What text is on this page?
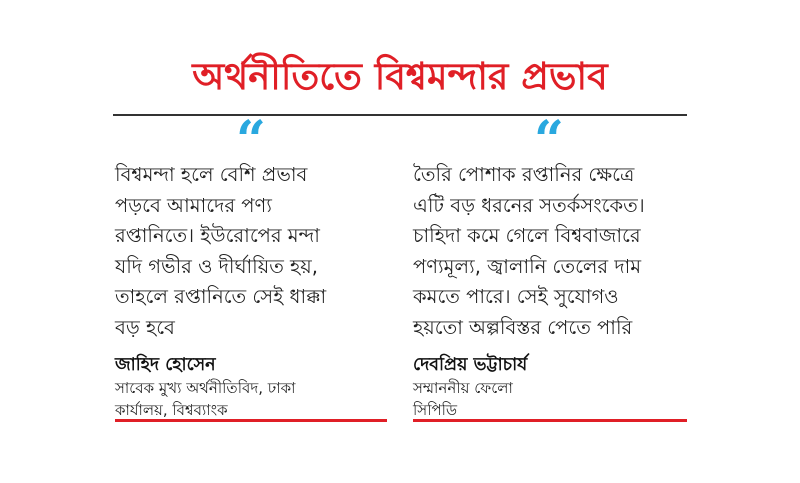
অর্থনীতিতে বিশ্বমন্দার প্রভাব
“
বিশ্বমন্দা হলে বেশি প্রভাব
পড়বে আমাদের পণ্য
রপ্তানিতে। ইউরোপের মন্দা
যদি গভীর ও দীর্ঘায়িত হয়,
তাহলে রপ্তানিতে সেই ধাক্কা
বড় হবে
জাহিদ হোসেন
সাবেক মুখ্য অর্থনীতিবিদ, ঢাকা
কার্যালয়, বিশ্বব্যাংক
“
তৈরি পোশাক রপ্তানির ক্ষেত্রে
এটি বড় ধরনের সতর্কসংকেত।
চাহিদা কমে গেলে বিশ্ববাজারে
পণ্যমূল্য, জ্বালানি তেলের দাম
কমতে পারে। সেই সুযোগও
হয়তো অল্পবিস্তর পেতে পারি
দেবপ্রিয় ভট্টাচার্য
সম্মাননীয় ফেলো
সিপিডি
